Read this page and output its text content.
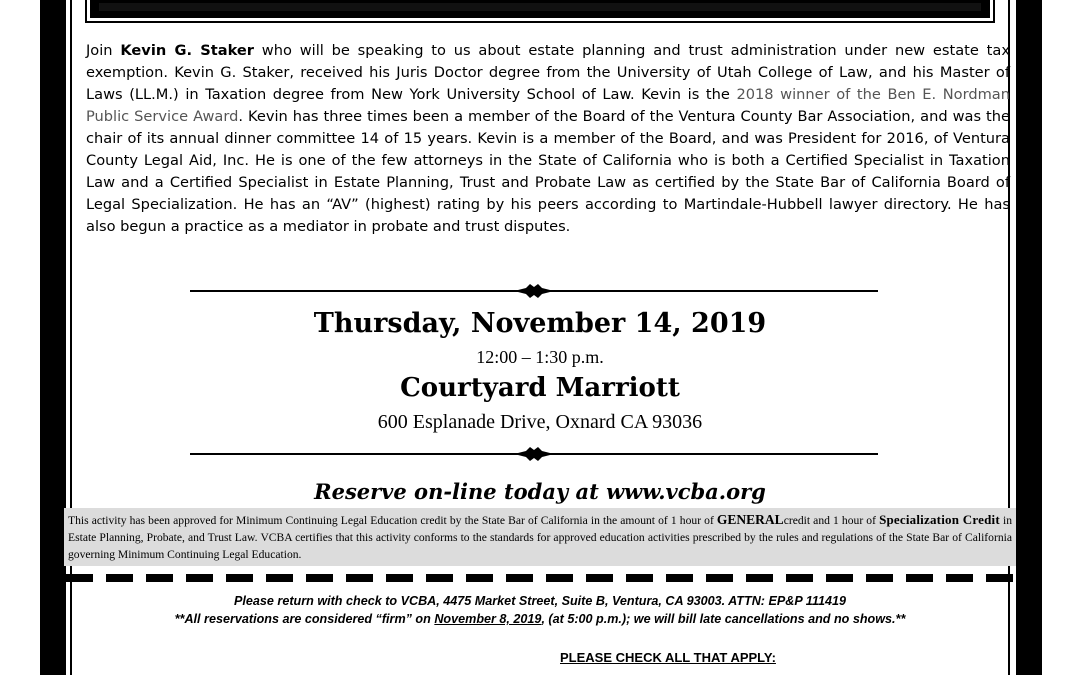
Join Kevin G. Staker who will be speaking to us about estate planning and trust administration under new estate tax exemption. Kevin G. Staker, received his Juris Doctor degree from the University of Utah College of Law, and his Master of Laws (LL.M.) in Taxation degree from New York University School of Law. Kevin is the 2018 winner of the Ben E. Nordman Public Service Award. Kevin has three times been a member of the Board of the Ventura County Bar Association, and was the chair of its annual dinner committee 14 of 15 years. Kevin is a member of the Board, and was President for 2016, of Ventura County Legal Aid, Inc. He is one of the few attorneys in the State of California who is both a Certified Specialist in Taxation Law and a Certified Specialist in Estate Planning, Trust and Probate Law as certified by the State Bar of California Board of Legal Specialization. He has an “AV” (highest) rating by his peers according to Martindale-Hubbell lawyer directory. He has also begun a practice as a mediator in probate and trust disputes.

Thursday, November 14, 2019
12:00 – 1:30 p.m.
Courtyard Marriott
600 Esplanade Drive, Oxnard CA 93036
Reserve on-line today at www.vcba.org
This activity has been approved for Minimum Continuing Legal Education credit by the State Bar of California in the amount of 1 hour of GENERALcredit and 1 hour of Specialization Credit in Estate Planning, Probate, and Trust Law. VCBA certifies that this activity conforms to the standards for approved education activities prescribed by the rules and regulations of the State Bar of California governing Minimum Continuing Legal Education.
Please return with check to VCBA, 4475 Market Street, Suite B, Ventura, CA 93003. ATTN: EP&P 111419
**All reservations are considered “firm” on November 8, 2019, (at 5:00 p.m.); we will bill late cancellations and no shows.**
PLEASE CHECK ALL THAT APPLY:
